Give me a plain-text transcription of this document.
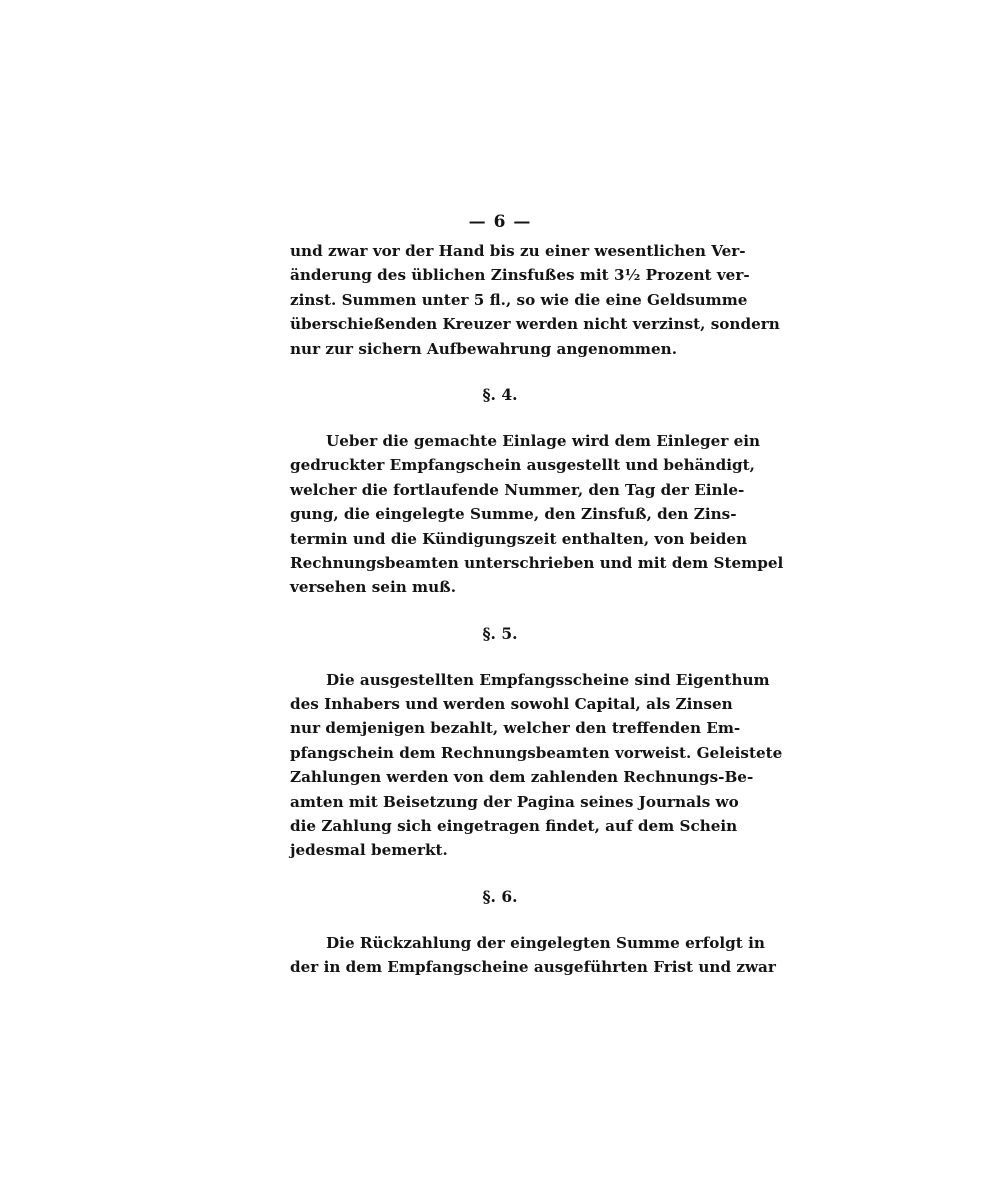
— 6 —
und zwar vor der Hand bis zu einer wesentlichen Ver-
änderung des üblichen Zinsfußes mit 3½ Prozent ver-
zinst. Summen unter 5 fl., so wie die eine Geldsumme
überschießenden Kreuzer werden nicht verzinst, sondern
nur zur sichern Aufbewahrung angenommen.
§. 4.
Ueber die gemachte Einlage wird dem Einleger ein
gedruckter Empfangschein ausgestellt und behändigt,
welcher die fortlaufende Nummer, den Tag der Einle-
gung, die eingelegte Summe, den Zinsfuß, den Zins-
termin und die Kündigungszeit enthalten, von beiden
Rechnungsbeamten unterschrieben und mit dem Stempel
versehen sein muß.
§. 5.
Die ausgestellten Empfangsscheine sind Eigenthum
des Inhabers und werden sowohl Capital, als Zinsen
nur demjenigen bezahlt, welcher den treffenden Em-
pfangschein dem Rechnungsbeamten vorweist. Geleistete
Zahlungen werden von dem zahlenden Rechnungs-Be-
amten mit Beisetzung der Pagina seines Journals wo
die Zahlung sich eingetragen findet, auf dem Schein
jedesmal bemerkt.
§. 6.
Die Rückzahlung der eingelegten Summe erfolgt in
der in dem Empfangscheine ausgeführten Frist und zwar
